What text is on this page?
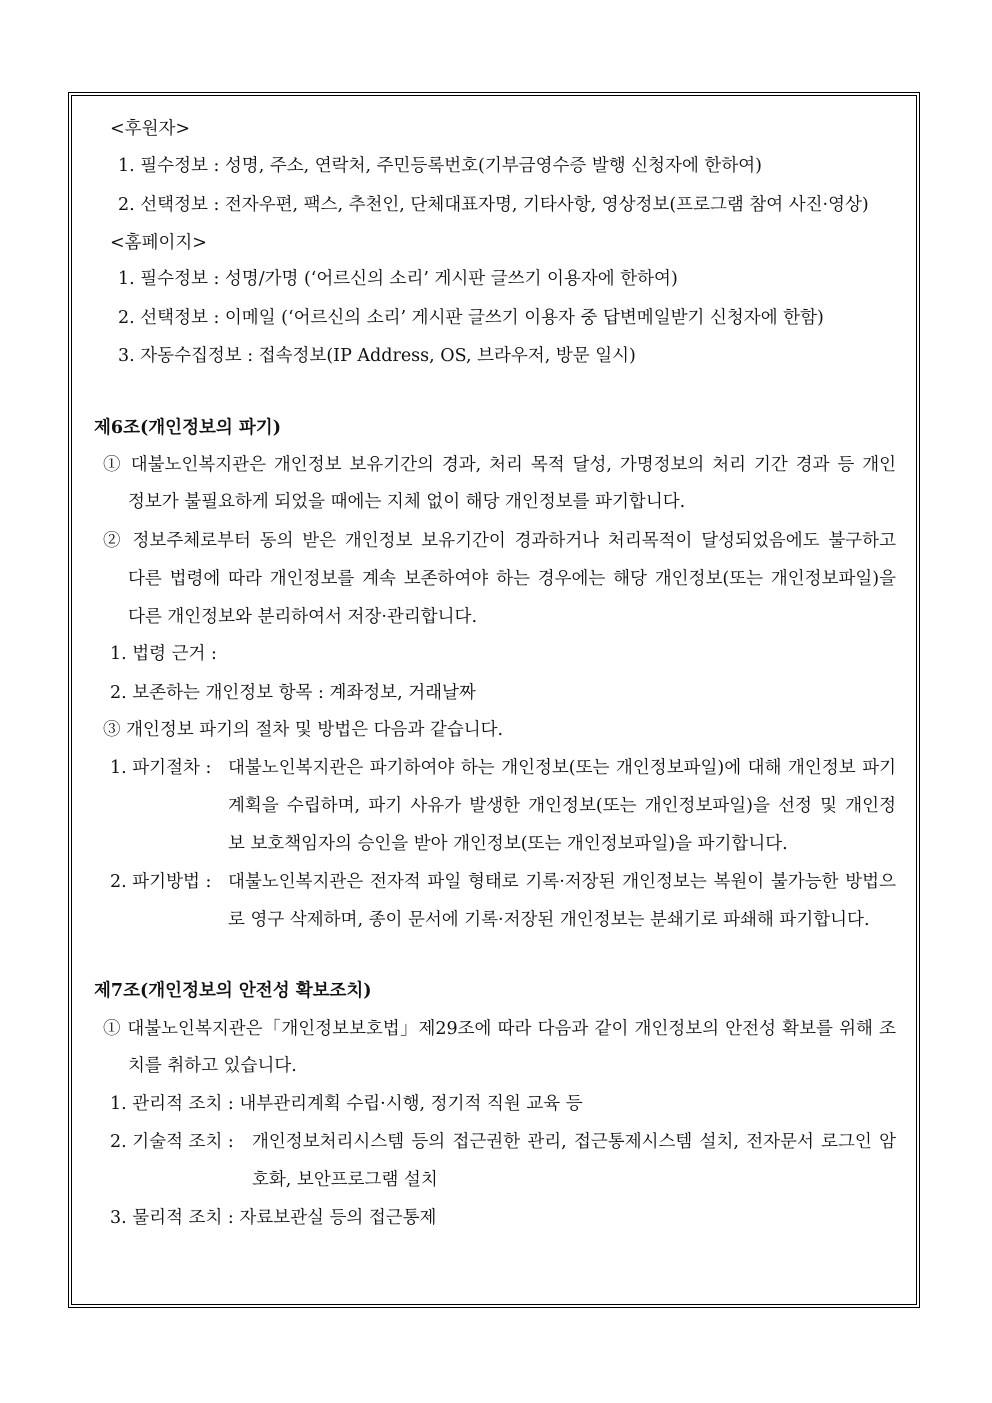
<후원자>
1. 필수정보 : 성명, 주소, 연락처, 주민등록번호(기부금영수증 발행 신청자에 한하여)
2. 선택정보 : 전자우편, 팩스, 추천인, 단체대표자명, 기타사항, 영상정보(프로그램 참여 사진·영상)
<홈페이지>
1. 필수정보 : 성명/가명 (‘어르신의 소리’ 게시판 글쓰기 이용자에 한하여)
2. 선택정보 : 이메일 (‘어르신의 소리’ 게시판 글쓰기 이용자 중 답변메일받기 신청자에 한함)
3. 자동수집정보 : 접속정보(IP Address, OS, 브라우저, 방문 일시)
제6조(개인정보의 파기)
① 대불노인복지관은 개인정보 보유기간의 경과, 처리 목적 달성, 가명정보의 처리 기간 경과 등 개인
정보가 불필요하게 되었을 때에는 지체 없이 해당 개인정보를 파기합니다.
② 정보주체로부터 동의 받은 개인정보 보유기간이 경과하거나 처리목적이 달성되었음에도 불구하고
다른 법령에 따라 개인정보를 계속 보존하여야 하는 경우에는 해당 개인정보(또는 개인정보파일)을
다른 개인정보와 분리하여서 저장·관리합니다.
1. 법령 근거 :
2. 보존하는 개인정보 항목 : 계좌정보, 거래날짜
③ 개인정보 파기의 절차 및 방법은 다음과 같습니다.
1. 파기절차 : 대불노인복지관은 파기하여야 하는 개인정보(또는 개인정보파일)에 대해 개인정보 파기
계획을 수립하며, 파기 사유가 발생한 개인정보(또는 개인정보파일)을 선정 및 개인정
보 보호책임자의 승인을 받아 개인정보(또는 개인정보파일)을 파기합니다.
2. 파기방법 : 대불노인복지관은 전자적 파일 형태로 기록·저장된 개인정보는 복원이 불가능한 방법으
로 영구 삭제하며, 종이 문서에 기록·저장된 개인정보는 분쇄기로 파쇄해 파기합니다.
제7조(개인정보의 안전성 확보조치)
① 대불노인복지관은「개인정보보호법」제29조에 따라 다음과 같이 개인정보의 안전성 확보를 위해 조
치를 취하고 있습니다.
1. 관리적 조치 : 내부관리계획 수립·시행, 정기적 직원 교육 등
2. 기술적 조치 : 개인정보처리시스템 등의 접근권한 관리, 접근통제시스템 설치, 전자문서 로그인 암
호화, 보안프로그램 설치
3. 물리적 조치 : 자료보관실 등의 접근통제
